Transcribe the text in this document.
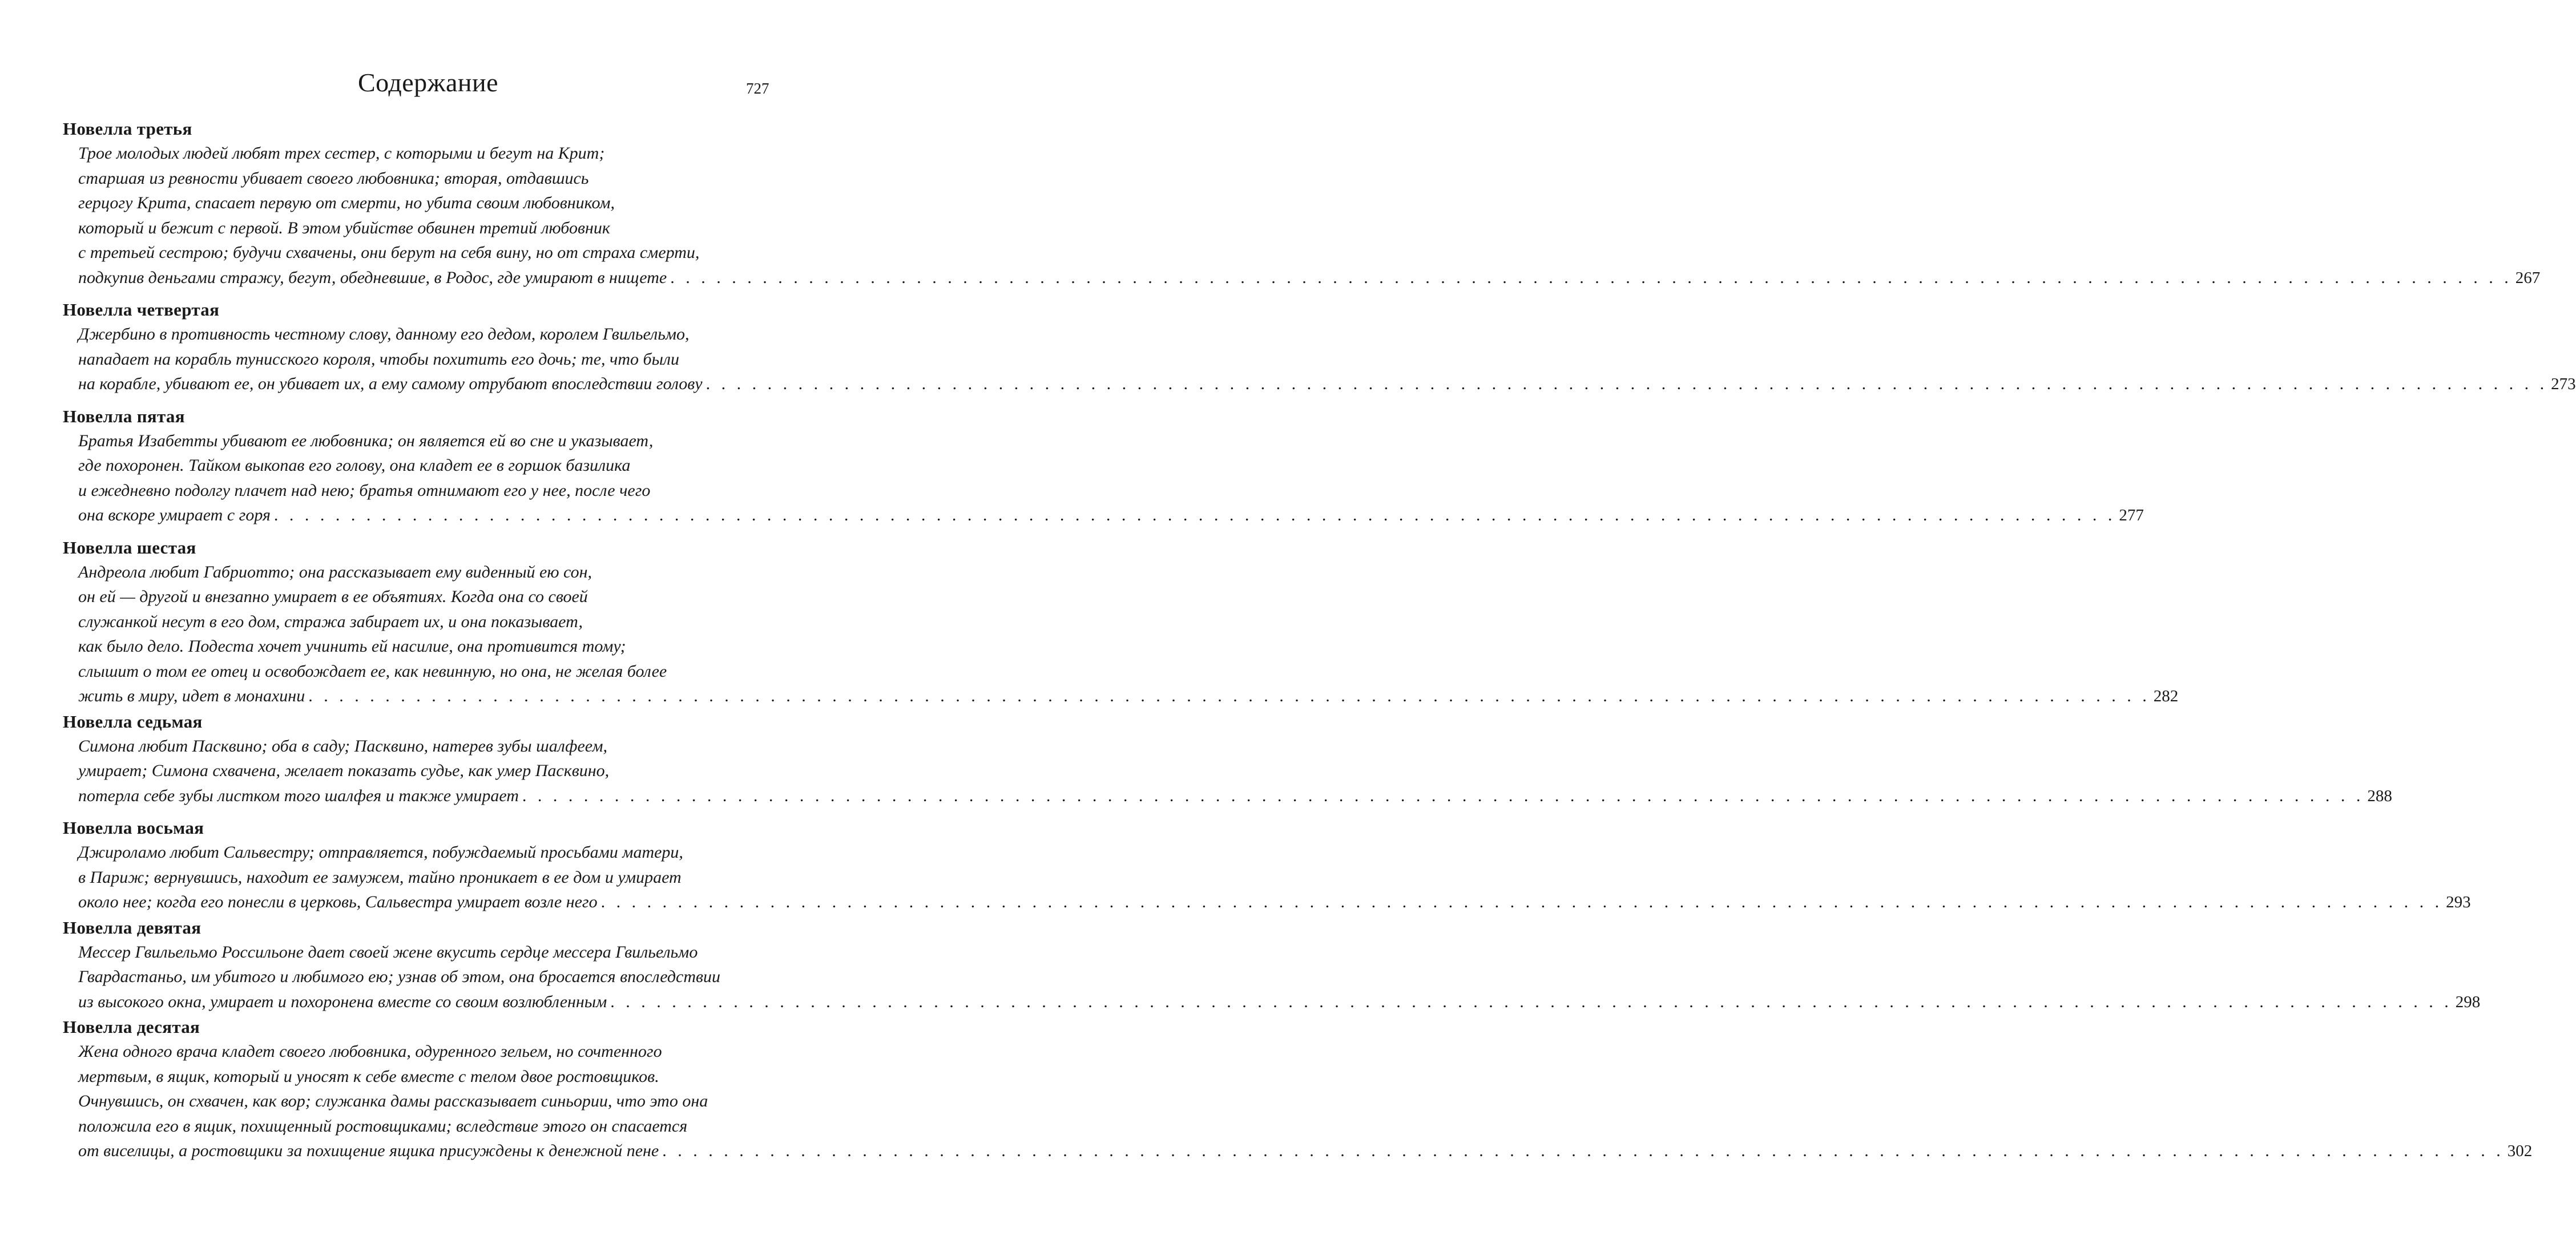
Содержание	727
Новелла третья
Трое молодых людей любят трех сестер, с которыми и бегут на Крит;
старшая из ревности убивает своего любовника; вторая, отдавшись
герцогу Крита, спасает первую от смерти, но убита своим любовником,
который и бежит с первой. В этом убийстве обвинен третий любовник
с третьей сестрою; будучи схвачены, они берут на себя вину, но от страха смерти,
подкупив деньгами стражу, бегут, обедневшие, в Родос, где умирают в нищете . . . . . . . . . . . . . . . . . . . . . . . . . . . . . . . . . . . . . . . . . . . . . . . . . . . . . . . . . . . . . . . . . . . . . . . . . . . . . . . . . . . . . . . . . . . . . . . . . . . . . . . . . . . . . . . . . . . . . . . . 267
Новелла четвертая
Джербино в противность честному слову, данному его дедом, королем Гвильельмо,
нападает на корабль тунисского короля, чтобы похитить его дочь; те, что были
на корабле, убивают ее, он убивает их, а ему самому отрубают впоследствии голову . . . . . . . . . . . . . . . . . . . . . . . . . . . . . . . . . . . . . . . . . . . . . . . . . . . . . . . . . . . . . . . . . . . . . . . . . . . . . . . . . . . . . . . . . . . . . . . . . . . . . . . . . . . . . . . . . . . . . . . . 273
Новелла пятая
Братья Изабетты убивают ее любовника; он является ей во сне и указывает,
где похоронен. Тайком выкопав его голову, она кладет ее в горшок базилика
и ежедневно подолгу плачет над нею; братья отнимают его у нее, после чего
она вскоре умирает с горя . . . . . . . . . . . . . . . . . . . . . . . . . . . . . . . . . . . . . . . . . . . . . . . . . . . . . . . . . . . . . . . . . . . . . . . . . . . . . . . . . . . . . . . . . . . . . . . . . . . . . . . . . . . . . . . . . . . . . . . . 277
Новелла шестая
Андреола любит Габриотто; она рассказывает ему виденный ею сон,
он ей — другой и внезапно умирает в ее объятиях. Когда она со своей
служанкой несут в его дом, стража забирает их, и она показывает,
как было дело. Подеста хочет учинить ей насилие, она противится тому;
слышит о том ее отец и освобождает ее, как невинную, но она, не желая более
жить в миру, идет в монахини . . . . . . . . . . . . . . . . . . . . . . . . . . . . . . . . . . . . . . . . . . . . . . . . . . . . . . . . . . . . . . . . . . . . . . . . . . . . . . . . . . . . . . . . . . . . . . . . . . . . . . . . . . . . . . . . . . . . . . . . 282
Новелла седьмая
Симона любит Пасквино; оба в саду; Пасквино, натерев зубы шалфеем,
умирает; Симона схвачена, желает показать судье, как умер Пасквино,
потерла себе зубы листком того шалфея и также умирает . . . . . . . . . . . . . . . . . . . . . . . . . . . . . . . . . . . . . . . . . . . . . . . . . . . . . . . . . . . . . . . . . . . . . . . . . . . . . . . . . . . . . . . . . . . . . . . . . . . . . . . . . . . . . . . . . . . . . . . . 288
Новелла восьмая
Джироламо любит Сальвестру; отправляется, побуждаемый просьбами матери,
в Париж; вернувшись, находит ее замужем, тайно проникает в ее дом и умирает
около нее; когда его понесли в церковь, Сальвестра умирает возле него . . . . . . . . . . . . . . . . . . . . . . . . . . . . . . . . . . . . . . . . . . . . . . . . . . . . . . . . . . . . . . . . . . . . . . . . . . . . . . . . . . . . . . . . . . . . . . . . . . . . . . . . . . . . . . . . . . . . . . . . 293
Новелла девятая
Мессер Гвильельмо Россильоне дает своей жене вкусить сердце мессера Гвильельмо
Гвардастаньо, им убитого и любимого ею; узнав об этом, она бросается впоследствии
из высокого окна, умирает и похоронена вместе со своим возлюбленным . . . . . . . . . . . . . . . . . . . . . . . . . . . . . . . . . . . . . . . . . . . . . . . . . . . . . . . . . . . . . . . . . . . . . . . . . . . . . . . . . . . . . . . . . . . . . . . . . . . . . . . . . . . . . . . . . . . . . . . . 298
Новелла десятая
Жена одного врача кладет своего любовника, одуренного зельем, но сочтенного
мертвым, в ящик, который и уносят к себе вместе с телом двое ростовщиков.
Очнувшись, он схвачен, как вор; служанка дамы рассказывает синьории, что это она
положила его в ящик, похищенный ростовщиками; вследствие этого он спасается
от виселицы, а ростовщики за похищение ящика присуждены к денежной пене . . . . . . . . . . . . . . . . . . . . . . . . . . . . . . . . . . . . . . . . . . . . . . . . . . . . . . . . . . . . . . . . . . . . . . . . . . . . . . . . . . . . . . . . . . . . . . . . . . . . . . . . . . . . . . . . . . . . . . . . 302
